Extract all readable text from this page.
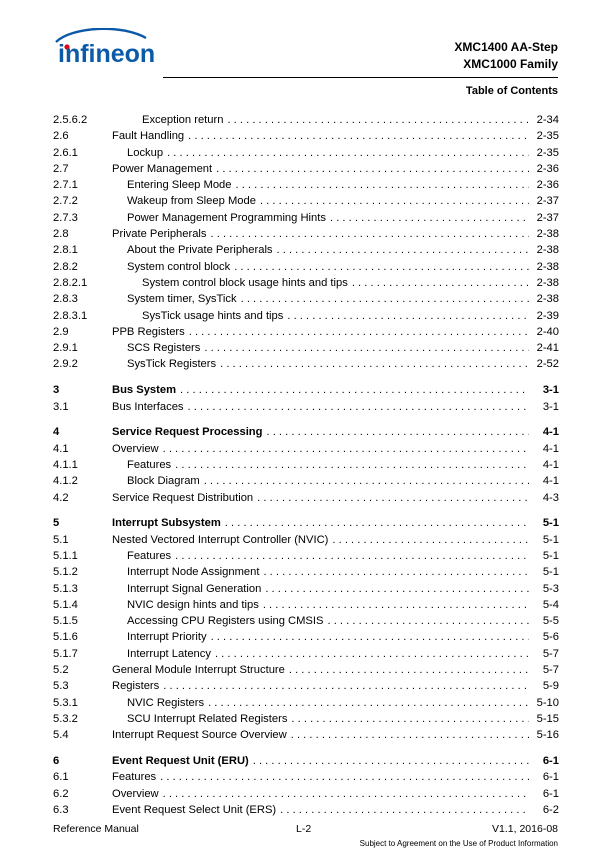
infineon	XMC1400 AA-Step
XMC1000 Family
Table of Contents
2.5.6.2	Exception return . . .	2-34
2.6	Fault Handling . . .	2-35
2.6.1	Lockup . . .	2-35
2.7	Power Management . . .	2-36
2.7.1	Entering Sleep Mode . . .	2-36
2.7.2	Wakeup from Sleep Mode . . .	2-37
2.7.3	Power Management Programming Hints . . .	2-37
2.8	Private Peripherals . . .	2-38
2.8.1	About the Private Peripherals . . .	2-38
2.8.2	System control block . . .	2-38
2.8.2.1	System control block usage hints and tips . . .	2-38
2.8.3	System timer, SysTick . . .	2-38
2.8.3.1	SysTick usage hints and tips . . .	2-39
2.9	PPB Registers . . .	2-40
2.9.1	SCS Registers . . .	2-41
2.9.2	SysTick Registers . . .	2-52
3	Bus System . . .	3-1
3.1	Bus Interfaces . . .	3-1
4	Service Request Processing . . .	4-1
4.1	Overview . . .	4-1
4.1.1	Features . . .	4-1
4.1.2	Block Diagram . . .	4-1
4.2	Service Request Distribution . . .	4-3
5	Interrupt Subsystem . . .	5-1
5.1	Nested Vectored Interrupt Controller (NVIC) . . .	5-1
5.1.1	Features . . .	5-1
5.1.2	Interrupt Node Assignment . . .	5-1
5.1.3	Interrupt Signal Generation . . .	5-3
5.1.4	NVIC design hints and tips . . .	5-4
5.1.5	Accessing CPU Registers using CMSIS . . .	5-5
5.1.6	Interrupt Priority . . .	5-6
5.1.7	Interrupt Latency . . .	5-7
5.2	General Module Interrupt Structure . . .	5-7
5.3	Registers . . .	5-9
5.3.1	NVIC Registers . . .	5-10
5.3.2	SCU Interrupt Related Registers . . .	5-15
5.4	Interrupt Request Source Overview . . .	5-16
6	Event Request Unit (ERU) . . .	6-1
6.1	Features . . .	6-1
6.2	Overview . . .	6-1
6.3	Event Request Select Unit (ERS) . . .	6-2
Reference Manual	L-2	V1.1, 2016-08
Subject to Agreement on the Use of Product Information
